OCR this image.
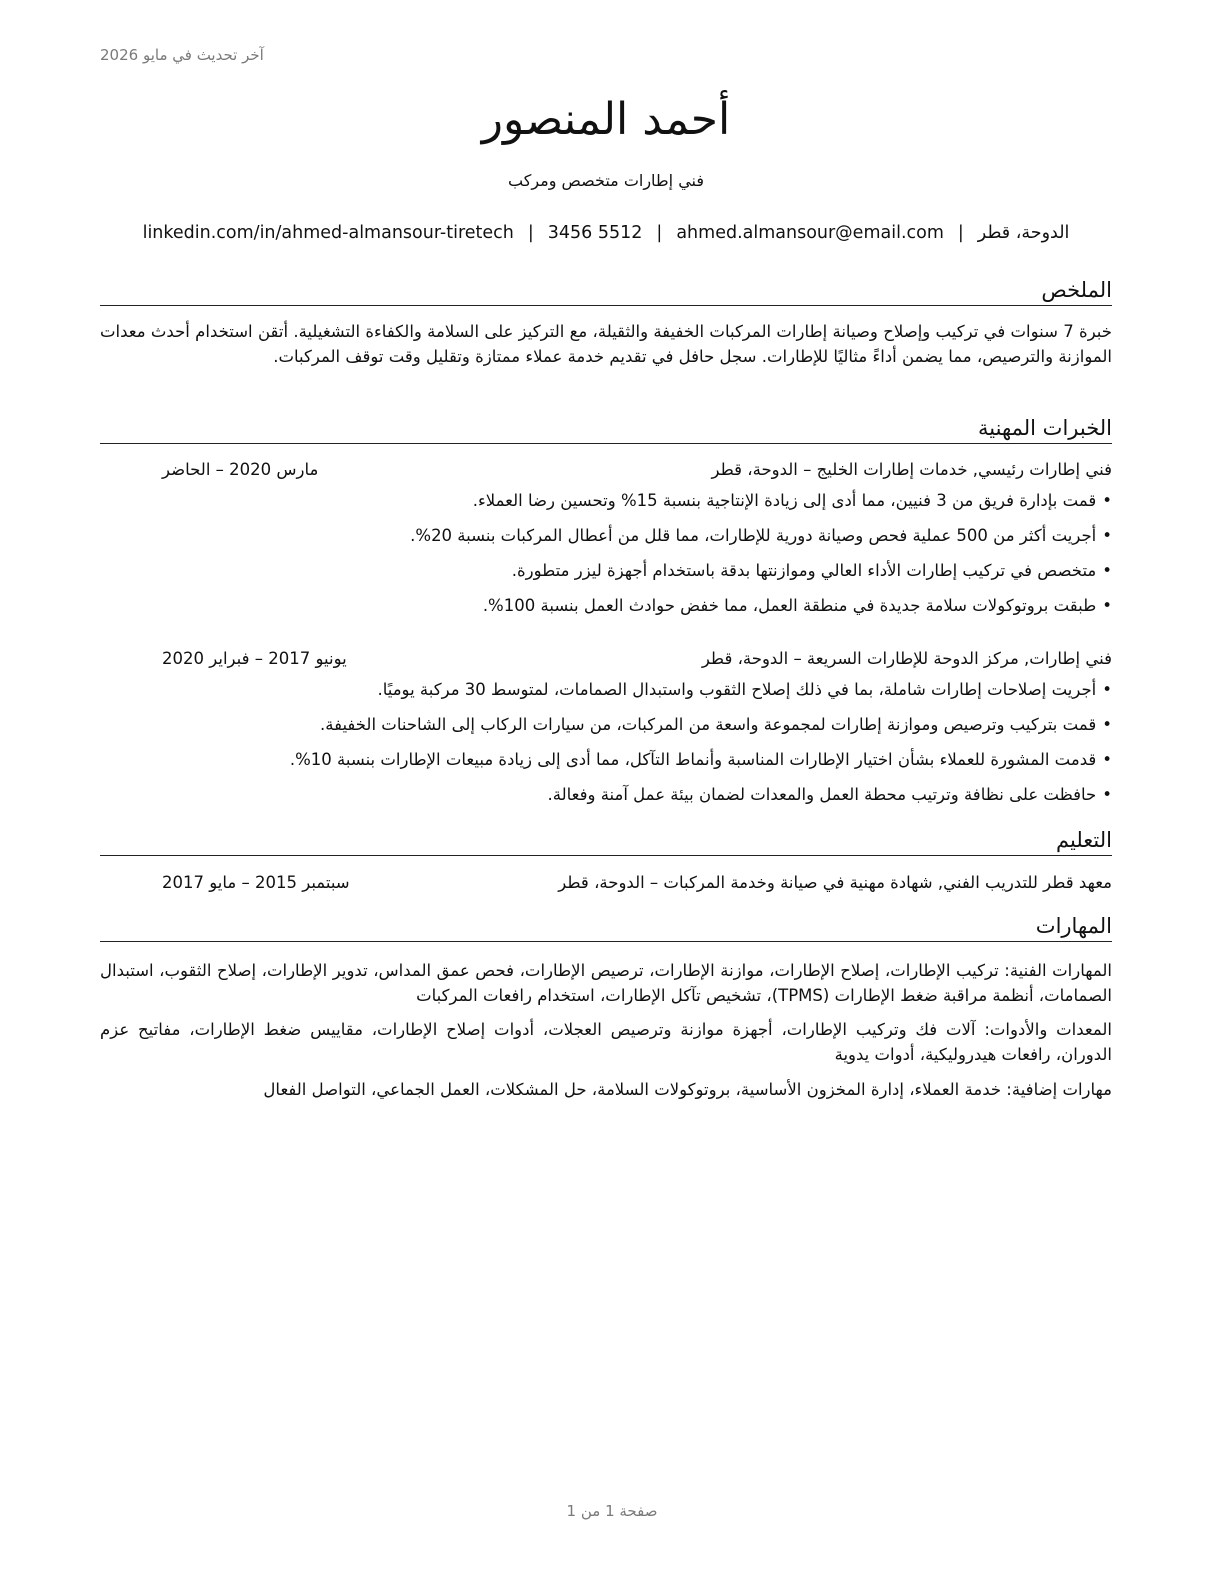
آخر تحديث في مايو 2026
أحمد المنصور
فني إطارات متخصص ومركب
الدوحة، قطر|ahmed.almansour@email.com|3456 5512|linkedin.com/in/ahmed-almansour-tiretech
الملخص
خبرة 7 سنوات في تركيب وإصلاح وصيانة إطارات المركبات الخفيفة والثقيلة، مع التركيز على السلامة والكفاءة التشغيلية. أتقن استخدام أحدث معدات الموازنة والترصيص، مما يضمن أداءً مثاليًا للإطارات. سجل حافل في تقديم خدمة عملاء ممتازة وتقليل وقت توقف المركبات.
الخبرات المهنية
فني إطارات رئيسي, خدمات إطارات الخليج – الدوحة، قطر
مارس 2020 – الحاضر
•قمت بإدارة فريق من 3 فنيين، مما أدى إلى زيادة الإنتاجية بنسبة 15% وتحسين رضا العملاء.
•أجريت أكثر من 500 عملية فحص وصيانة دورية للإطارات، مما قلل من أعطال المركبات بنسبة 20%.
•متخصص في تركيب إطارات الأداء العالي وموازنتها بدقة باستخدام أجهزة ليزر متطورة.
•طبقت بروتوكولات سلامة جديدة في منطقة العمل، مما خفض حوادث العمل بنسبة 100%.
فني إطارات, مركز الدوحة للإطارات السريعة – الدوحة، قطر
يونيو 2017 – فبراير 2020
•أجريت إصلاحات إطارات شاملة، بما في ذلك إصلاح الثقوب واستبدال الصمامات، لمتوسط 30 مركبة يوميًا.
•قمت بتركيب وترصيص وموازنة إطارات لمجموعة واسعة من المركبات، من سيارات الركاب إلى الشاحنات الخفيفة.
•قدمت المشورة للعملاء بشأن اختيار الإطارات المناسبة وأنماط التآكل، مما أدى إلى زيادة مبيعات الإطارات بنسبة 10%.
•حافظت على نظافة وترتيب محطة العمل والمعدات لضمان بيئة عمل آمنة وفعالة.
التعليم
معهد قطر للتدريب الفني, شهادة مهنية في صيانة وخدمة المركبات – الدوحة، قطر
سبتمبر 2015 – مايو 2017
المهارات
المهارات الفنية: تركيب الإطارات، إصلاح الإطارات، موازنة الإطارات، ترصيص الإطارات، فحص عمق المداس، تدوير الإطارات، إصلاح الثقوب، استبدال الصمامات، أنظمة مراقبة ضغط الإطارات (TPMS)، تشخيص تآكل الإطارات، استخدام رافعات المركبات
المعدات والأدوات: آلات فك وتركيب الإطارات، أجهزة موازنة وترصيص العجلات، أدوات إصلاح الإطارات، مقاييس ضغط الإطارات، مفاتيح عزم الدوران، رافعات هيدروليكية، أدوات يدوية
مهارات إضافية: خدمة العملاء، إدارة المخزون الأساسية، بروتوكولات السلامة، حل المشكلات، العمل الجماعي، التواصل الفعال
صفحة 1 من 1
